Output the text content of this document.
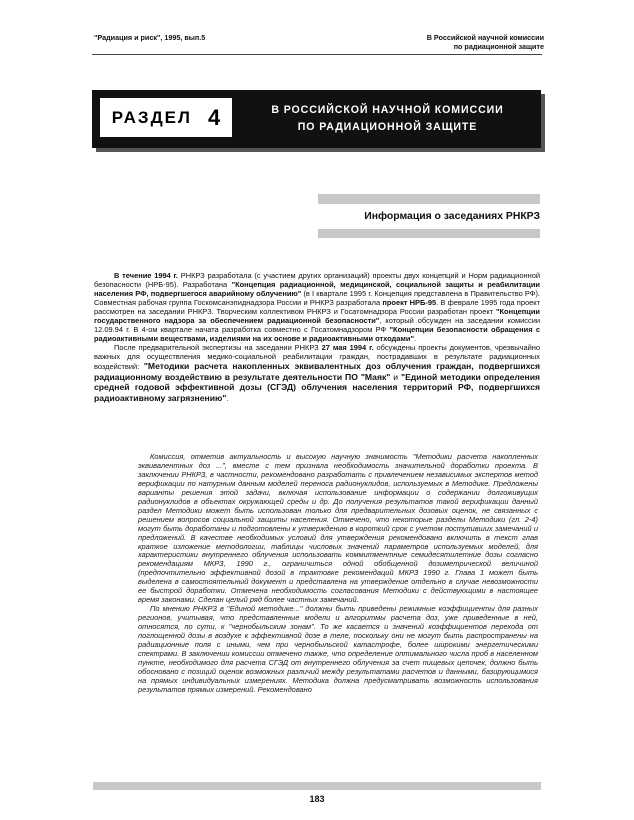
"Радиация и риск", 1995, вып.5	В Российской научной комиссии
по радиационной защите
РАЗДЕЛ 4	В РОССИЙСКОЙ НАУЧНОЙ КОМИССИИ
ПО РАДИАЦИОННОЙ ЗАЩИТЕ
Информация о заседаниях РНКРЗ

В течение 1994 г. РНКРЗ разработала (с участием других организаций) проекты двух концепций и Норм радиационной безопасности (НРБ-95). Разработана "Концепция радиационной, медицинской, социальной защиты и реабилитации населения РФ, подвергшегося аварийному облучению" (в I квартале 1995 г. Концепция представлена в Правительство РФ). Совместная рабочая группа Госкомсанэпиднадзора России и РНКРЗ разработала проект НРБ-95. В феврале 1995 года проект рассмотрен на заседании РНКРЗ. Творческим коллективом РНКРЗ и Госатомнадзора России разработан проект "Концепции государственного надзора за обеспечением радиационной безопасности", который обсужден на заседании комиссии 12.09.94 г. В 4-ом квартале начата разработка совместно с Госатомнадзором РФ "Концепции безопасности обращения с радиоактивными веществами, изделиями на их основе и радиоактивными отходами".

После предварительной экспертизы на заседании РНКРЗ 27 мая 1994 г. обсуждены проекты документов, чрезвычайно важных для осуществления медико-социальной реабилитации граждан, пострадавших в результате радиационных воздействий: "Методики расчета накопленных эквивалентных доз облучения граждан, подвергшихся радиационному воздействию в результате деятельности ПО "Маяк" и "Единой методики определения средней годовой эффективной дозы (СГЭД) облучения населения территорий РФ, подвергшихся радиоактивному загрязнению".

Комиссия, отметив актуальность и высокую научную значимость "Методики расчета накопленных эквивалентных доз ...", вместе с тем признала необходимость значительной доработки проекта. В заключении РНКРЗ, в частности, рекомендовано разработать с привлечением независимых экспертов метод верификации по натурным данным моделей переноса радионуклидов, используемых в Методике. Предложены варианты решения этой задачи, включая использование информации о содержании долгоживущих радионуклидов в объектах окружающей среды и др. До получения результатов такой верификации данный раздел Методики может быть использован только для предварительных дозовых оценок, не связанных с решением вопросов социальной защиты населения. Отмечено, что некоторые разделы Методики (гл. 2-4) могут быть доработаны и подготовлены к утверждению в короткий срок с учетом поступивших замечаний и предложений. В качестве необходимых условий для утверждения рекомендовано включить в текст глав краткое изложение методологии, таблицы числовых значений параметров используемых моделей, для характеристики внутреннего облучения использовать коммитментные семидесятилетние дозы согласно рекомендациям МКРЗ, 1990 г., ограничиться одной обобщенной дозиметрической величиной (предпочтительно эффективной дозой в трактовке рекомендаций МКРЗ 1990 г. Глава 1 может быть выделена в самостоятельный документ и представлена на утверждение отдельно в случае невозможности ее быстрой доработки. Отмечена необходимость согласования Методики с действующими в настоящее время законами. Сделан целый ряд более частных замечаний.

По мнению РНКРЗ в "Единой методике..." должны быть приведены режимные коэффициенты для разных регионов, учитывая, что представленные модели и алгоритмы расчета доз, уже приведенные в ней, относятся, по сути, к "чернобыльским зонам". То же касается и значений коэффициентов перехода от поглощенной дозы в воздухе к эффективной дозе в теле, поскольку они не могут быть распространены на радиационные поля с иными, чем при чернобыльской катастрофе, более широкими энергетическими спектрами. В заключении комиссии отмечено также, что определение оптимального числа проб в населенном пункте, необходимого для расчета СГЭД от внутреннего облучения за счет пищевых цепочек, должно быть обосновано с позиций оценок возможных различий между результатами расчетов и данными, базирующимися на прямых индивидуальных измерениях. Методика должна предусматривать возможность использования результатов прямых измерений. Рекомендовано

183
